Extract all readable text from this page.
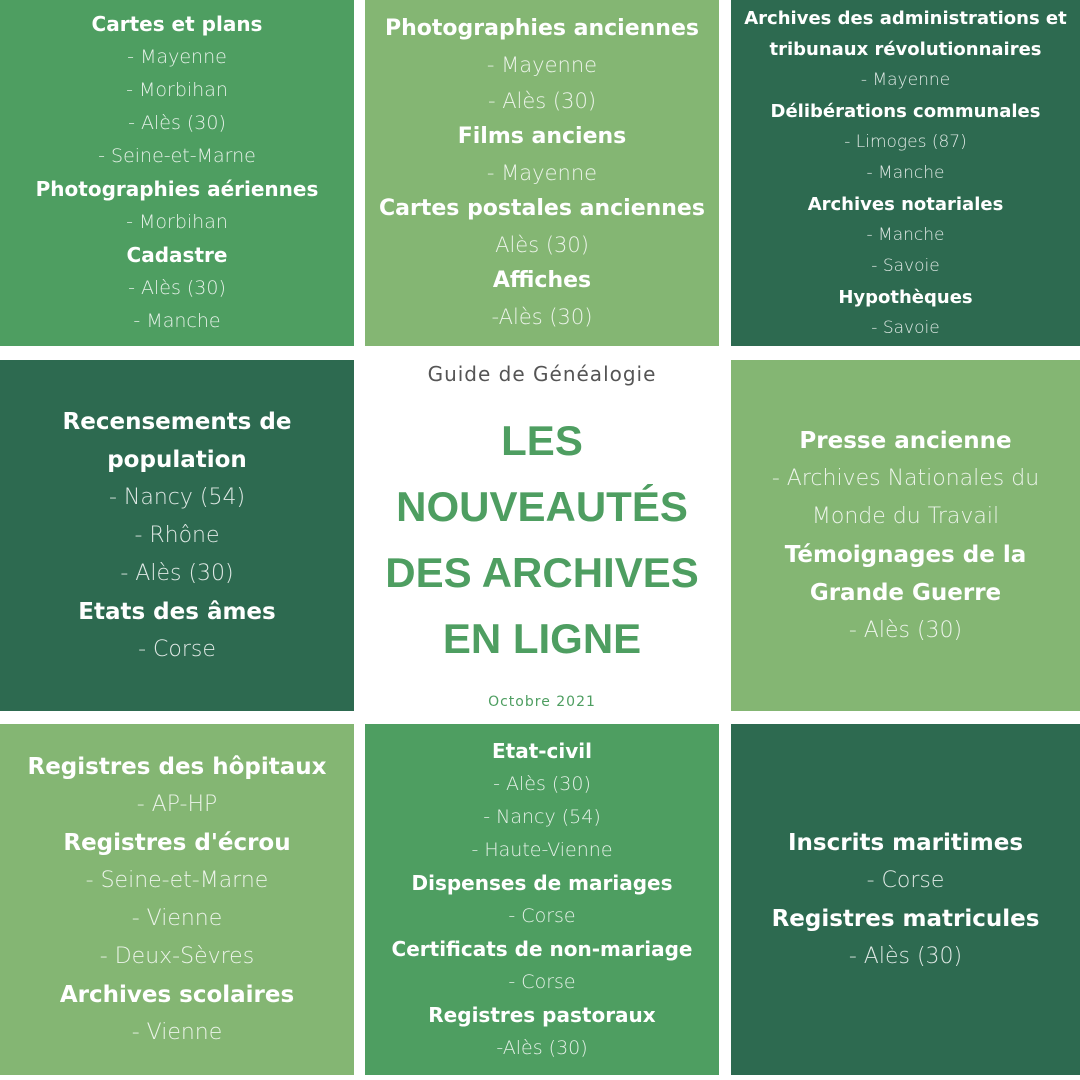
Cartes et plans

- Mayenne

- Morbihan

- Alès (30)

- Seine-et-Marne

Photographies aériennes

- Morbihan

Cadastre

- Alès (30)

- Manche

Photographies anciennes

- Mayenne

- Alès (30)

Films anciens

- Mayenne

Cartes postales anciennes

Alès (30)

Affiches

-Alès (30)

Archives des administrations et

tribunaux révolutionnaires

- Mayenne

Délibérations communales

- Limoges (87)

- Manche

Archives notariales

- Manche

- Savoie

Hypothèques

- Savoie

Recensements de

population

- Nancy (54)

- Rhône

- Alès (30)

Etats des âmes

- Corse

Guide de Généalogie

LES NOUVEAUTÉS

DES ARCHIVES

EN LIGNE

Octobre 2021

Presse ancienne

- Archives Nationales du

Monde du Travail

Témoignages de la

Grande Guerre

- Alès (30)

Registres des hôpitaux

- AP-HP

Registres d'écrou

- Seine-et-Marne

- Vienne

- Deux-Sèvres

Archives scolaires

- Vienne

Etat-civil

- Alès (30)

- Nancy (54)

- Haute-Vienne

Dispenses de mariages

- Corse

Certificats de non-mariage

- Corse

Registres pastoraux

-Alès (30)

Inscrits maritimes

- Corse

Registres matricules

- Alès (30)
